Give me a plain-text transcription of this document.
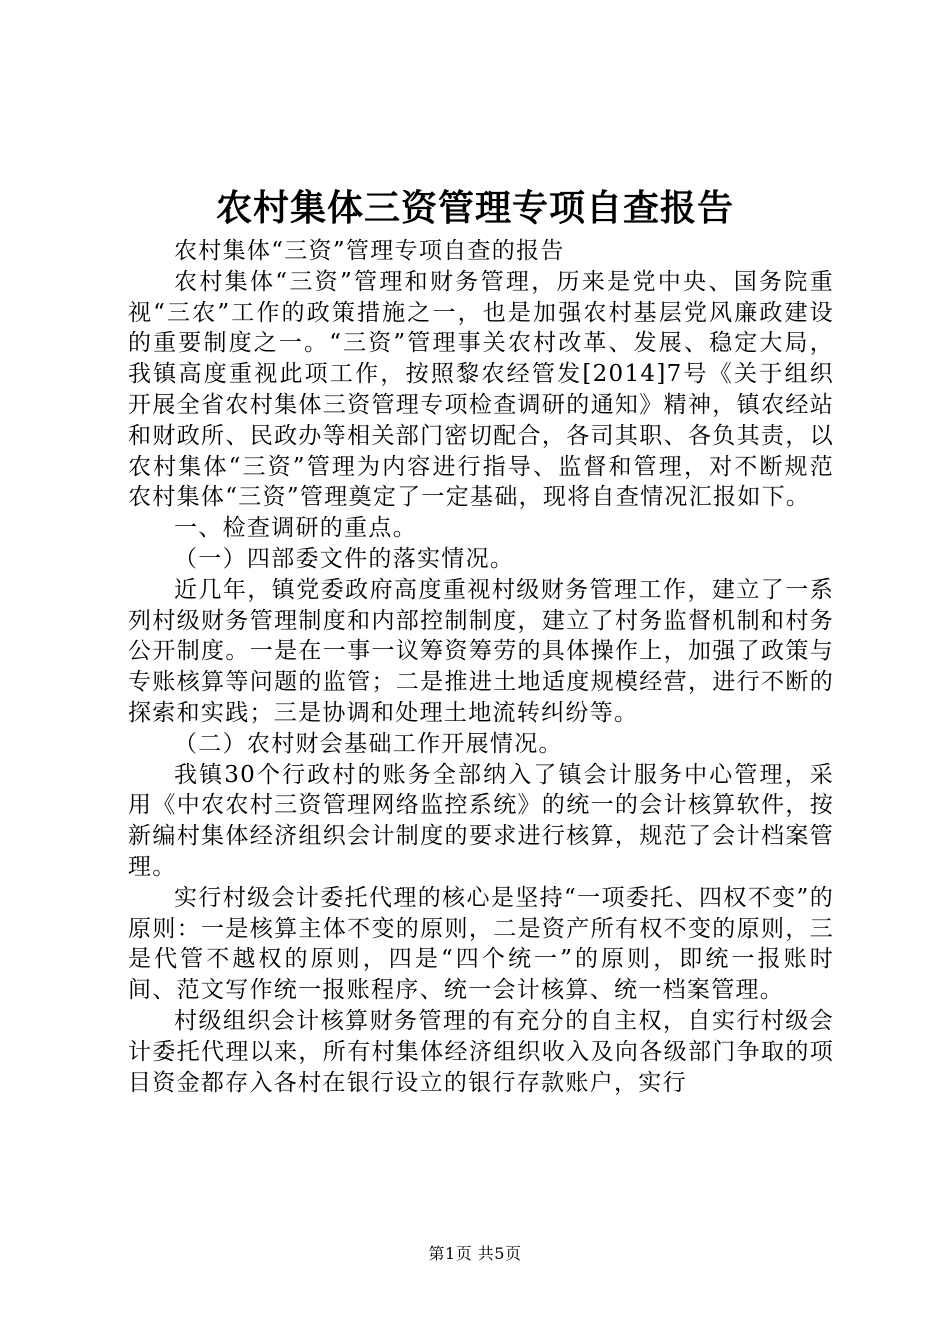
农村集体三资管理专项自查报告

农村集体“三资”管理专项自查的报告

农村集体“三资”管理和财务管理，历来是党中央、国务院重视“三农”工作的政策措施之一，也是加强农村基层党风廉政建设的重要制度之一。“三资”管理事关农村改革、发展、稳定大局，我镇高度重视此项工作，按照黎农经管发[2014]7号《关于组织开展全省农村集体三资管理专项检查调研的通知》精神，镇农经站和财政所、民政办等相关部门密切配合，各司其职、各负其责，以农村集体“三资”管理为内容进行指导、监督和管理，对不断规范农村集体“三资”管理奠定了一定基础，现将自查情况汇报如下。

一、检查调研的重点。

（一）四部委文件的落实情况。

近几年，镇党委政府高度重视村级财务管理工作，建立了一系列村级财务管理制度和内部控制制度，建立了村务监督机制和村务公开制度。一是在一事一议筹资筹劳的具体操作上，加强了政策与专账核算等问题的监管；二是推进土地适度规模经营，进行不断的探索和实践；三是协调和处理土地流转纠纷等。

（二）农村财会基础工作开展情况。

我镇30个行政村的账务全部纳入了镇会计服务中心管理，采用《中农农村三资管理网络监控系统》的统一的会计核算软件，按新编村集体经济组织会计制度的要求进行核算，规范了会计档案管理。

实行村级会计委托代理的核心是坚持“一项委托、四权不变”的原则：一是核算主体不变的原则，二是资产所有权不变的原则，三是代管不越权的原则，四是“四个统一”的原则，即统一报账时间、范文写作统一报账程序、统一会计核算、统一档案管理。

村级组织会计核算财务管理的有充分的自主权，自实行村级会计委托代理以来，所有村集体经济组织收入及向各级部门争取的项目资金都存入各村在银行设立的银行存款账户，实行

第1页 共5页
